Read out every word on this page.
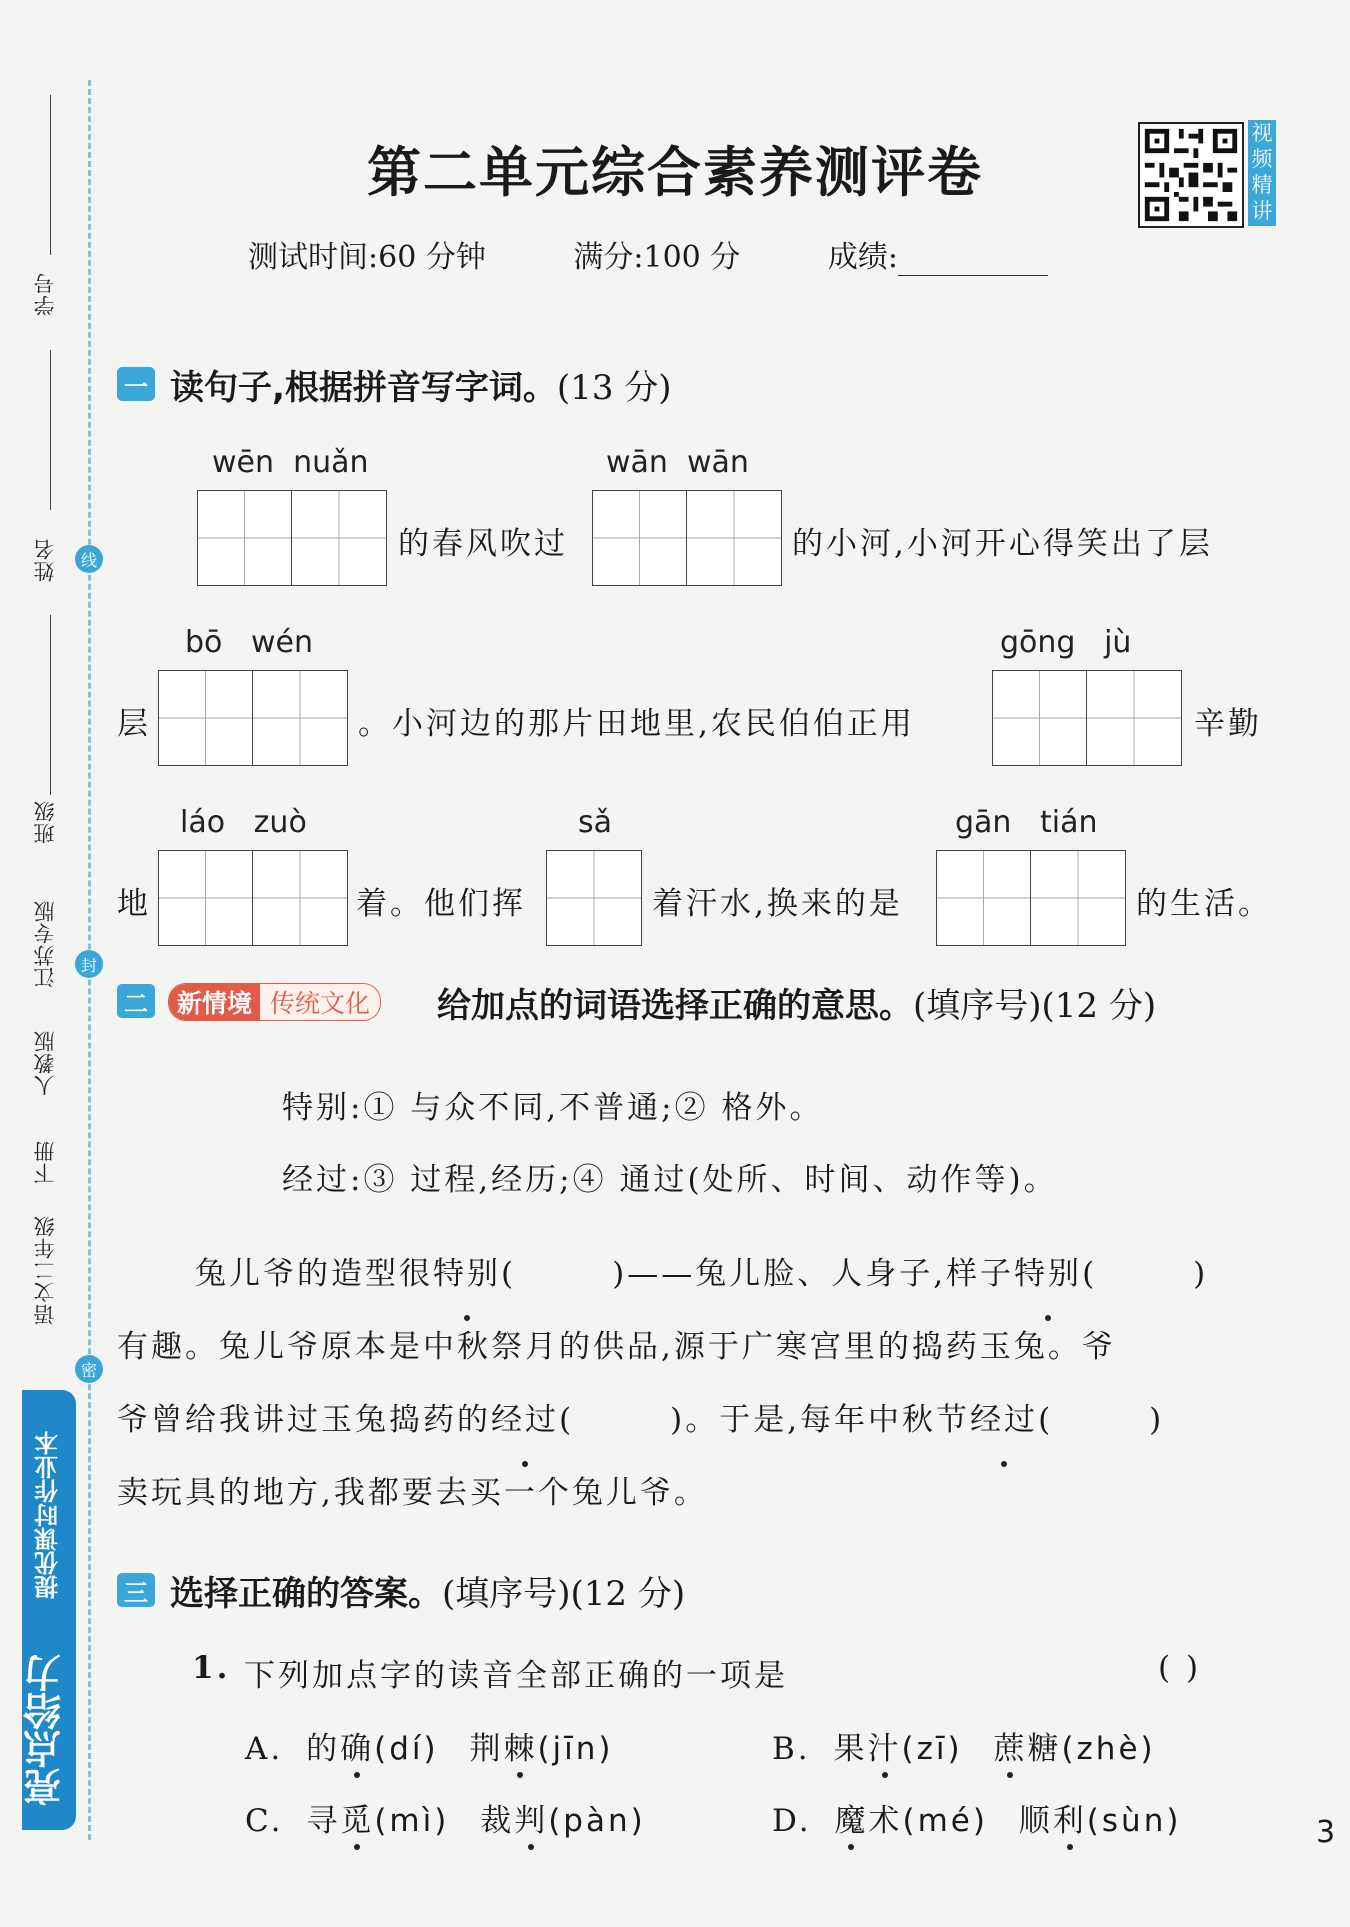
学号
姓名
班级
线
封
密
江苏专版
人教版
下册
语文二年级
提优课时作业本
亮点给力
第二单元综合素养测评卷
测试时间:60 分钟	满分:100 分	成绩:
视频精讲
一 读句子,根据拼音写字词。(13 分)
wēn  nuǎn
的春风吹过
wān  wān
的小河,小河开心得笑出了层
层
bō   wén
。小河边的那片田地里,农民伯伯正用
gōng   jù
辛勤
地
láo   zuò
着。他们挥
sǎ
着汗水,换来的是
gān   tián
的生活。
二	新情境 传统文化 给加点的词语选择正确的意思。(填序号)(12 分)
特别:① 与众不同,不普通;② 格外。
经过:③ 过程,经历;④ 通过(处所、时间、动作等)。
兔儿爷的造型很特别(	)——兔儿脸、人身子,样子特别(	)
有趣。兔儿爷原本是中秋祭月的供品,源于广寒宫里的捣药玉兔。爷
爷曾给我讲过玉兔捣药的经过(	)。于是,每年中秋节经过(	)
卖玩具的地方,我都要去买一个兔儿爷。
三 选择正确的答案。(填序号)(12 分)
1. 下列加点字的读音全部正确的一项是	( )
A. 的确(dí) 荆棘(jīn)	B. 果汁(zī) 蔗糖(zhè)
C. 寻觅(mì) 裁判(pàn)	D. 魔术(mé) 顺利(sùn)	3
